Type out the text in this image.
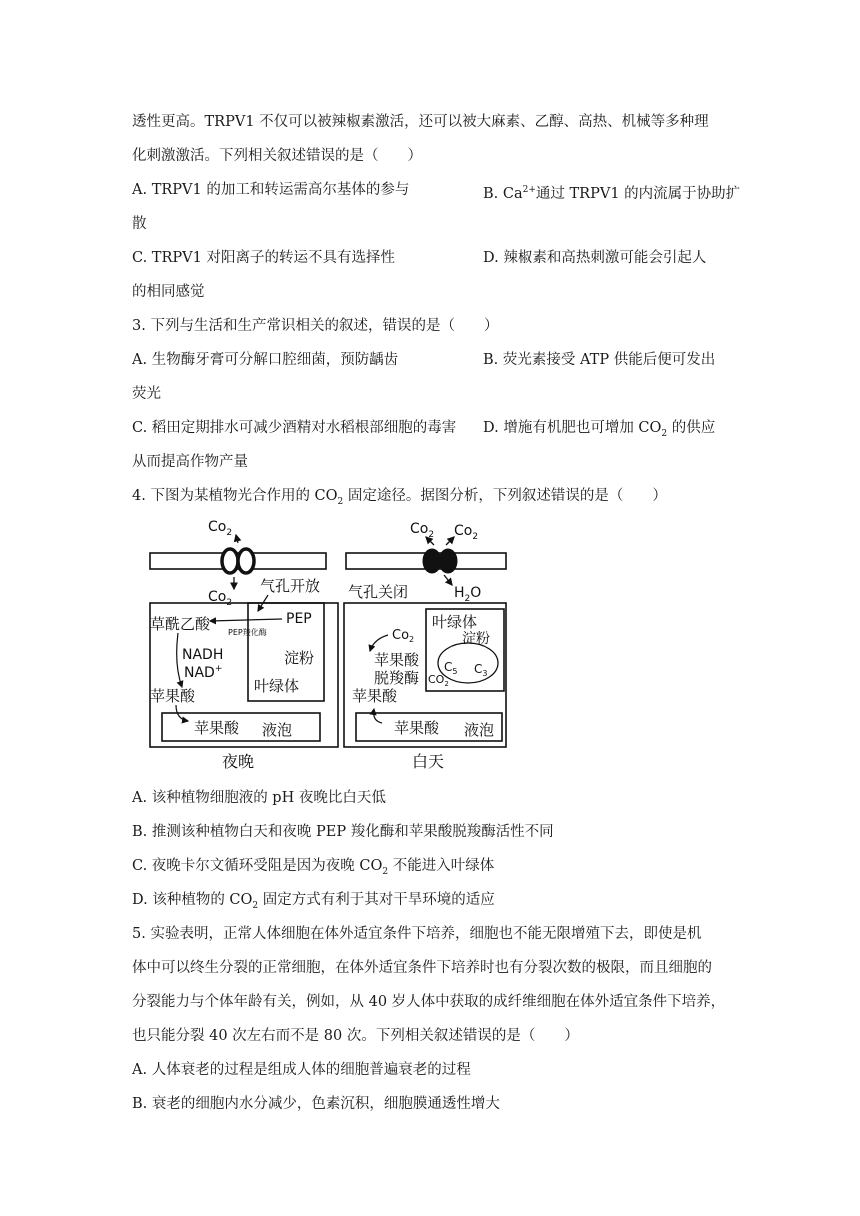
透性更高。TRPV1 不仅可以被辣椒素激活，还可以被大麻素、乙醇、高热、机械等多种理
化刺激激活。下列相关叙述错误的是（　　）
A. TRPV1 的加工和转运需高尔基体的参与	B. $Ca^{2+}$通过 TRPV1 的内流属于协助扩
散
C. TRPV1 对阳离子的转运不具有选择性	D. 辣椒素和高热刺激可能会引起人
的相同感觉
3. 下列与生活和生产常识相关的叙述，错误的是（　　）
A. 生物酶牙膏可分解口腔细菌，预防龋齿	B. 荧光素接受 ATP 供能后便可发出
荧光
C. 稻田定期排水可减少酒精对水稻根部细胞的毒害 D. 增施有机肥也可增加 $CO_2$ 的供应
从而提高作物产量
4. 下图为某植物光合作用的 $CO_2$ 固定途径。据图分析，下列叙述错误的是（　　）
$Co_2$
$Co_2$
气孔开放
草酰乙酸 PEP羧化酶
PEP
NADH
NAD+
淀粉
叶绿体
苹果酸
苹果酸 液泡
夜晚
$Co_2$ $Co_2$
气孔关闭	$H_2O$
叶绿体
淀粉
$C_5$ $C_3$
$CO_2$
$Co_2$
苹果酸
脱羧酶
苹果酸
苹果酸 液泡
白天
A. 该种植物细胞液的 pH 夜晚比白天低
B. 推测该种植物白天和夜晚 PEP 羧化酶和苹果酸脱羧酶活性不同
C. 夜晚卡尔文循环受阻是因为夜晚 $CO_2$ 不能进入叶绿体
D. 该种植物的 $CO_2$ 固定方式有利于其对干旱环境的适应
5. 实验表明，正常人体细胞在体外适宜条件下培养，细胞也不能无限增殖下去，即使是机
体中可以终生分裂的正常细胞，在体外适宜条件下培养时也有分裂次数的极限，而且细胞的
分裂能力与个体年龄有关，例如，从 40 岁人体中获取的成纤维细胞在体外适宜条件下培养，
也只能分裂 40 次左右而不是 80 次。下列相关叙述错误的是（　　）
A. 人体衰老的过程是组成人体的细胞普遍衰老的过程
B. 衰老的细胞内水分减少，色素沉积，细胞膜通透性增大
